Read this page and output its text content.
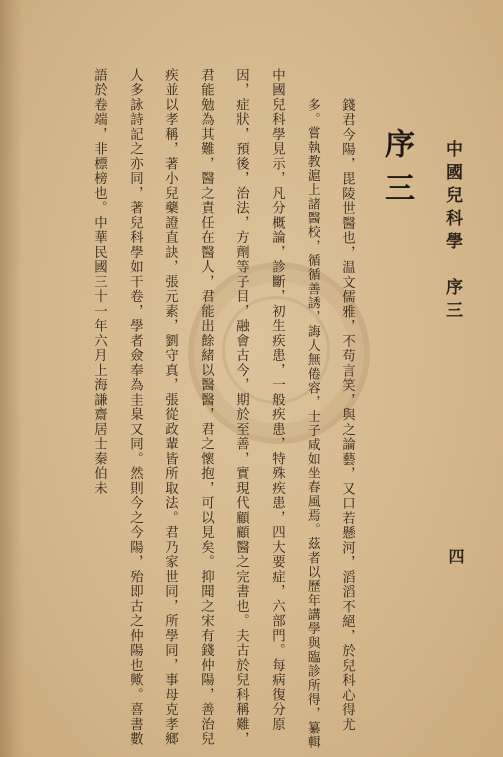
中國兒科學　序三
四
序三
錢君今陽，毘陵世醫也，温文儒雅，不苟言笑，與之論藝，又口若懸河，滔滔不絕，於兒科心得尤
多。嘗執教滬上諸醫校，循循善誘，誨人無倦容，士子咸如坐春風焉。茲者以歷年講學與臨診所得，纂輯
中國兒科學見示，凡分概論，診斷，初生疾患，一般疾患，特殊疾患，四大要症，六部門。每病復分原
因，症狀，預後，治法，方劑等子目，融會古今，期於至善，實現代顧顧醫之完書也。夫古於兒科稱難，
君能勉為其難，醫之責任在醫人，君能出餘緒以醫醫，君之懷抱，可以見矣。抑聞之宋有錢仲陽，善治兒
疾並以孝稱，著小兒藥證直訣，張元素，劉守真，張從政輩皆所取法。君乃家世同，所學同，事母克孝鄉
人多詠詩記之亦同，著兒科學如干卷，學者僉奉為圭臬又同。然則今之今陽，殆即古之仲陽也歟。喜書數
語於卷端，非標榜也。中華民國三十一年六月上海謙齋居士秦伯未
